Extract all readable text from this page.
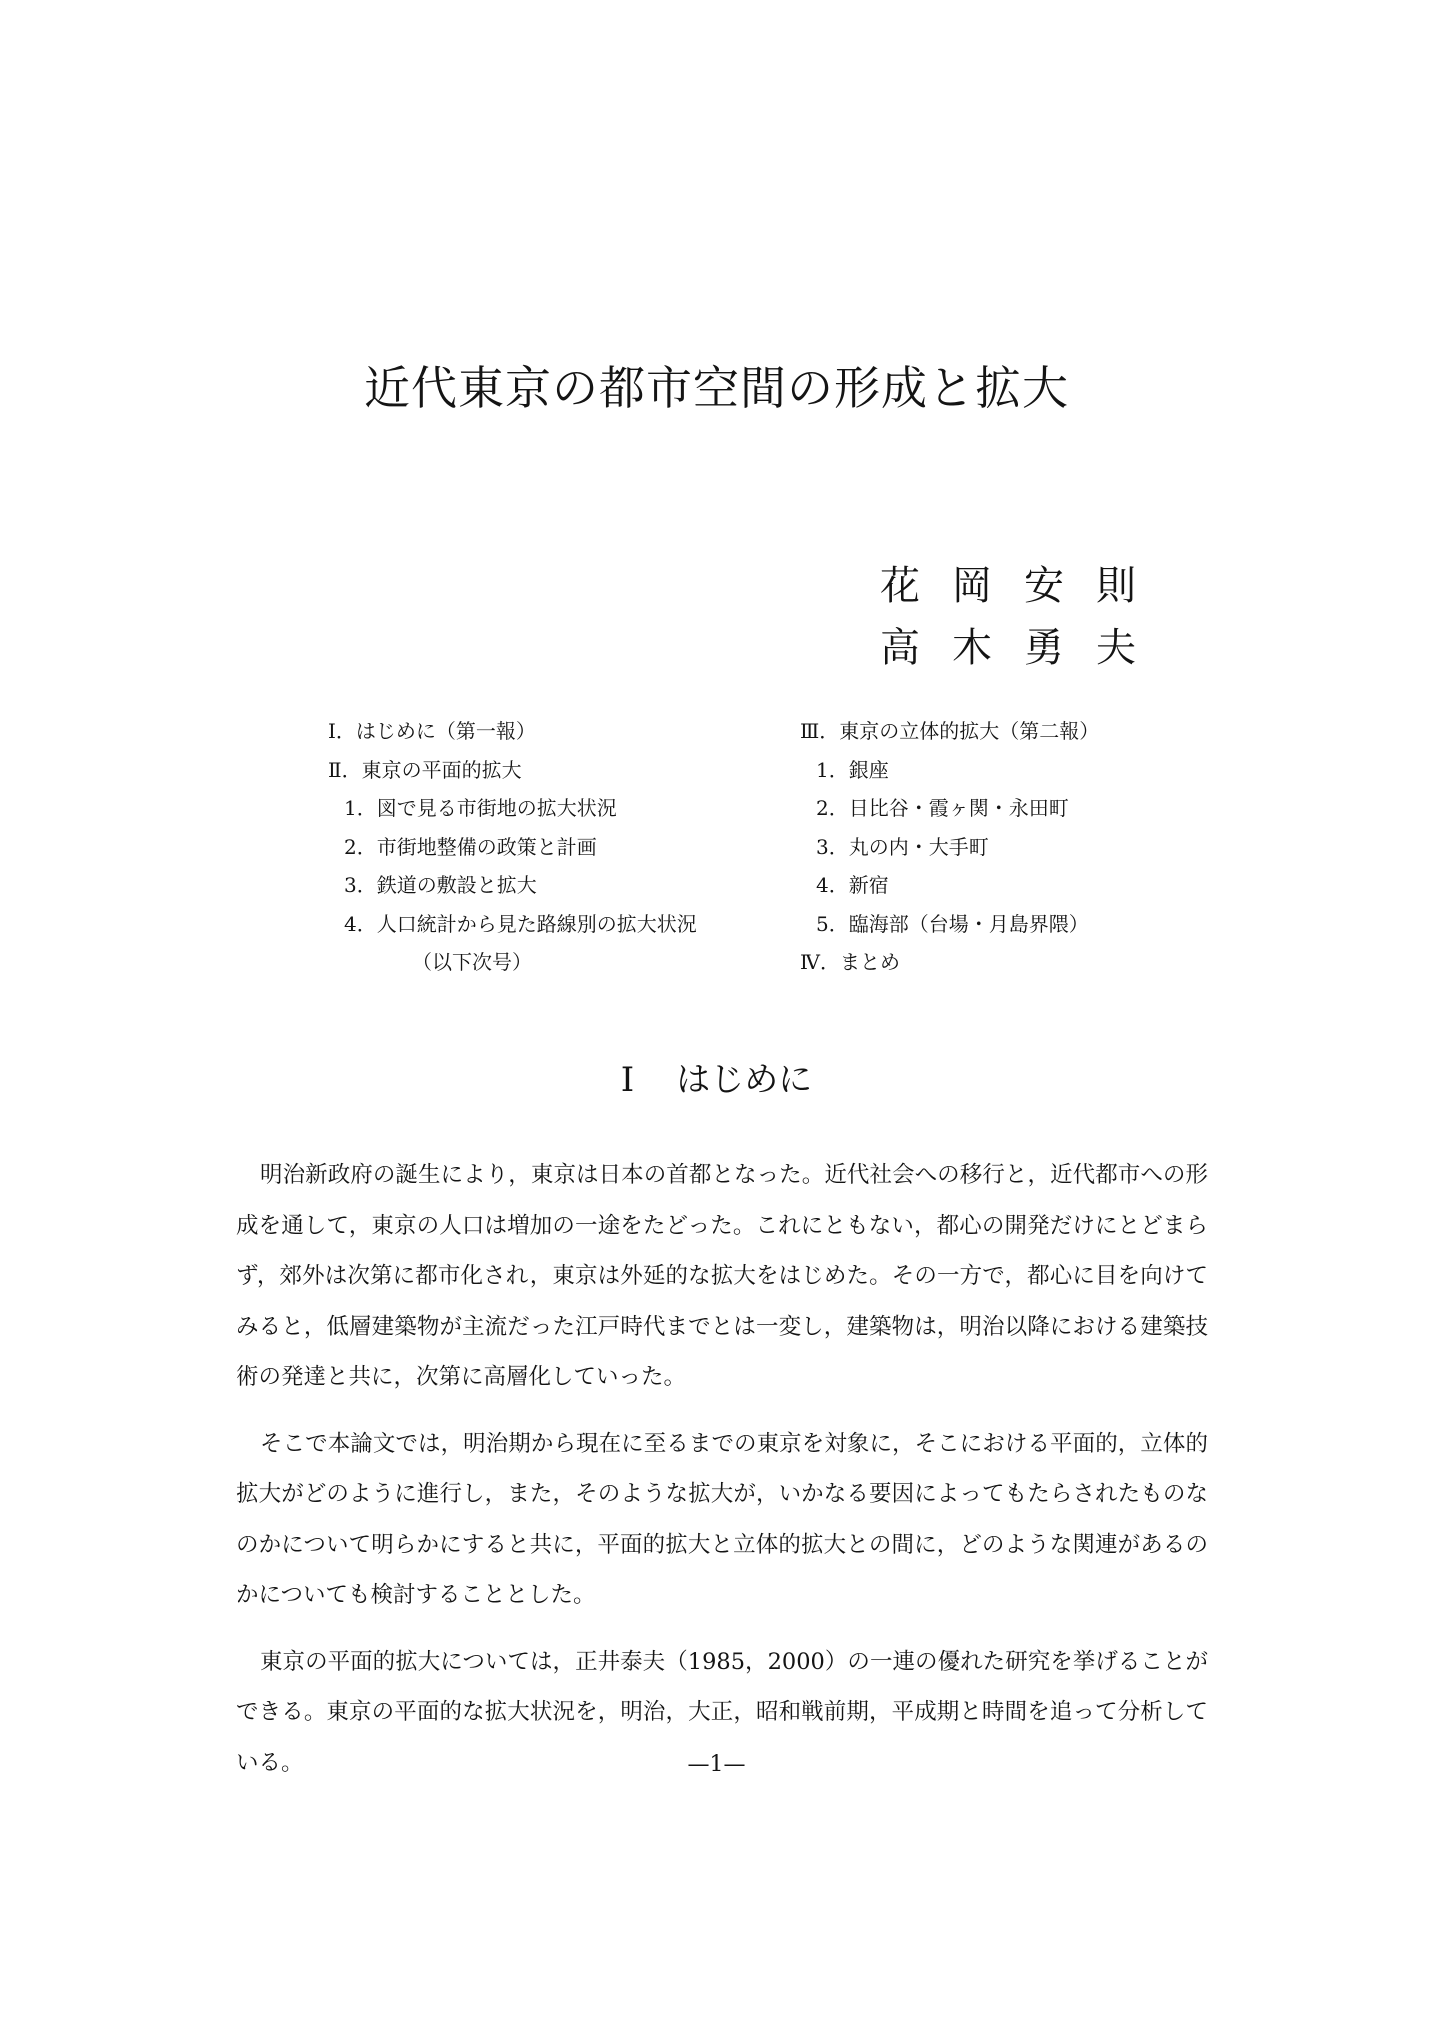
近代東京の都市空間の形成と拡大
花岡安則
高木勇夫
Ⅰ．はじめに（第一報）
Ⅱ．東京の平面的拡大
1．図で見る市街地の拡大状況
2．市街地整備の政策と計画
3．鉄道の敷設と拡大
4．人口統計から見た路線別の拡大状況
（以下次号）
Ⅲ．東京の立体的拡大（第二報）
1．銀座
2．日比谷・霞ヶ関・永田町
3．丸の内・大手町
4．新宿
5．臨海部（台場・月島界隈）
Ⅳ．まとめ
Ⅰ はじめに

明治新政府の誕生により，東京は日本の首都となった。近代社会への移行と，近代都市への形成を通して，東京の人口は増加の一途をたどった。これにともない，都心の開発だけにとどまらず，郊外は次第に都市化され，東京は外延的な拡大をはじめた。その一方で，都心に目を向けてみると，低層建築物が主流だった江戸時代までとは一変し，建築物は，明治以降における建築技術の発達と共に，次第に高層化していった。

そこで本論文では，明治期から現在に至るまでの東京を対象に，そこにおける平面的，立体的拡大がどのように進行し，また，そのような拡大が，いかなる要因によってもたらされたものなのかについて明らかにすると共に，平面的拡大と立体的拡大との間に，どのような関連があるのかについても検討することとした。

東京の平面的拡大については，正井泰夫（1985，2000）の一連の優れた研究を挙げることができる。東京の平面的な拡大状況を，明治，大正，昭和戦前期，平成期と時間を追って分析している。	—1—
